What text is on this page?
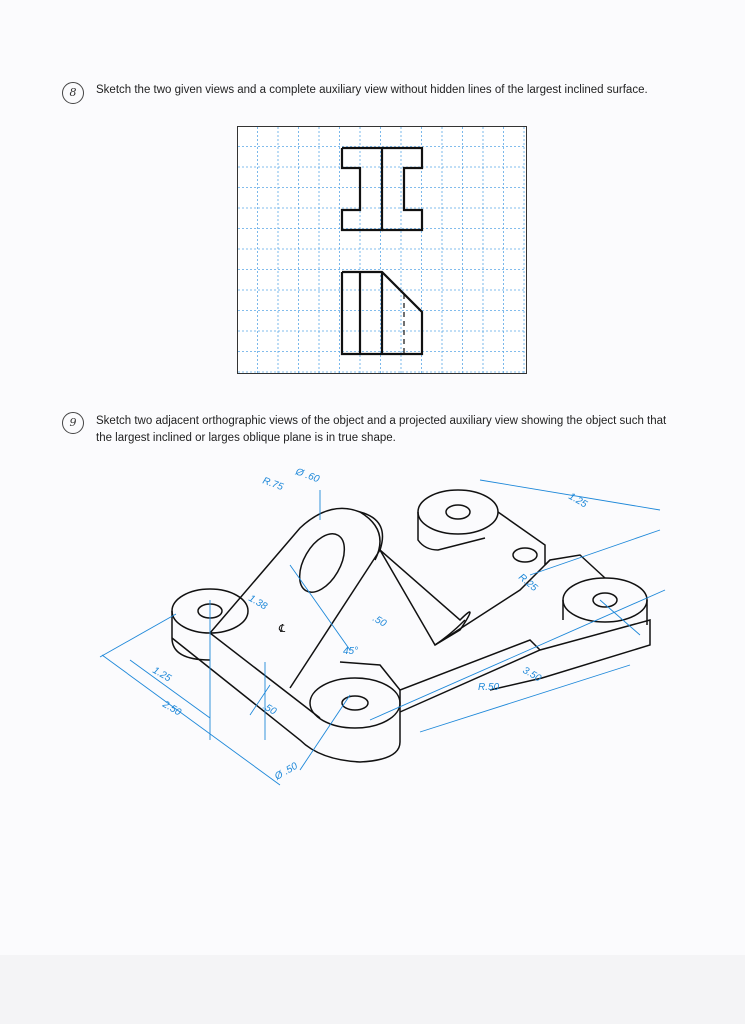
8	Sketch the two given views and a complete auxiliary view without hidden lines of the largest inclined surface.
9	Sketch two adjacent orthographic views of the object and a projected auxiliary view showing the object such that the largest inclined or larges oblique plane is in true shape.
Ø .60
R.75
1.38
.50
45°
.50
1.25
2.50
Ø .50
1.25
R.25
R.50
3.50
℄
